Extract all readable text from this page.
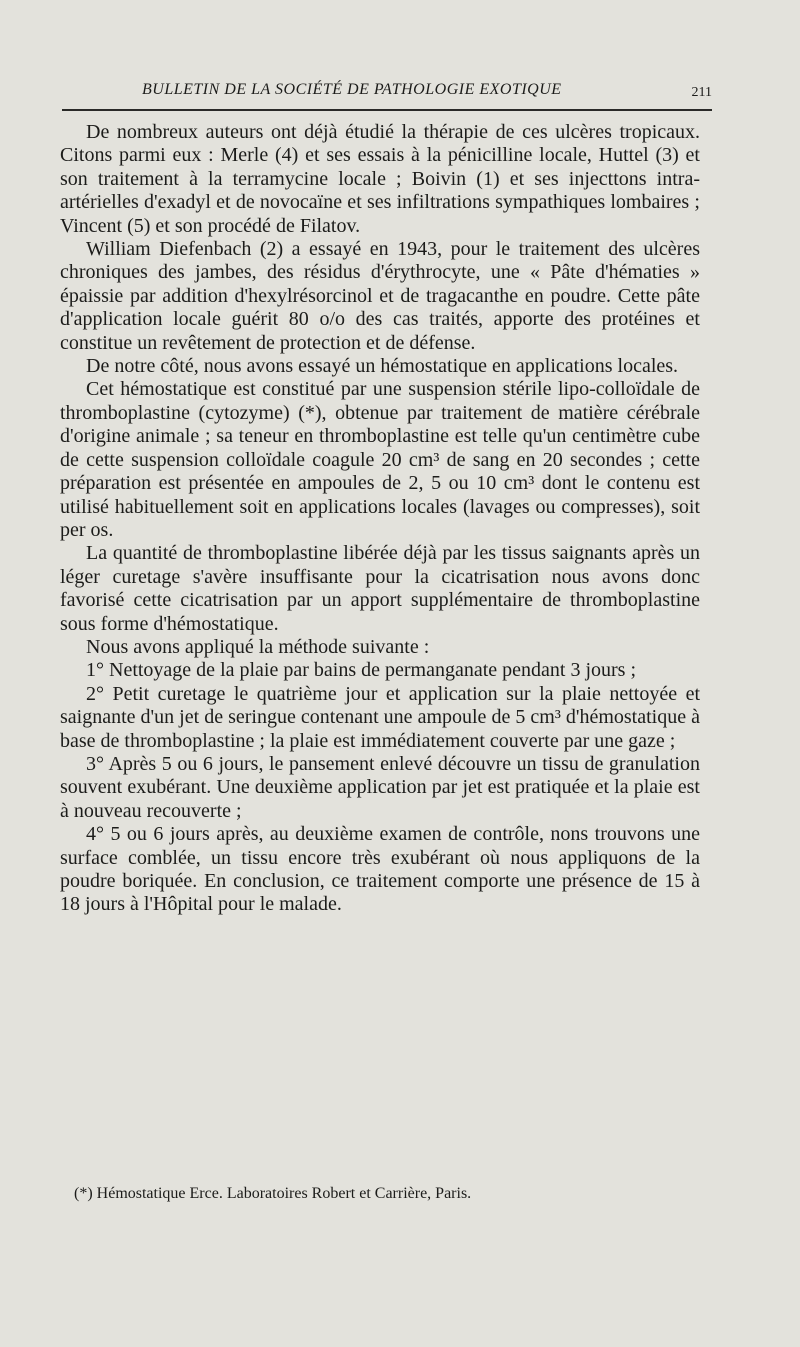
BULLETIN DE LA SOCIÉTÉ DE PATHOLOGIE EXOTIQUE	211

De nombreux auteurs ont déjà étudié la thérapie de ces ulcères tropicaux. Citons parmi eux : Merle (4) et ses essais à la pénicilline locale, Huttel (3) et son traitement à la terramycine locale ; Boivin (1) et ses injecttons intra-artérielles d'exadyl et de novocaïne et ses infiltrations sympathiques lombaires ; Vincent (5) et son procédé de Filatov.

William Diefenbach (2) a essayé en 1943, pour le traitement des ulcères chroniques des jambes, des résidus d'érythrocyte, une « Pâte d'hématies » épaissie par addition d'hexylrésorcinol et de tragacanthe en poudre. Cette pâte d'application locale guérit 80 o/o des cas traités, apporte des protéines et constitue un revêtement de protection et de défense.

De notre côté, nous avons essayé un hémostatique en applications locales.

Cet hémostatique est constitué par une suspension stérile lipo-colloïdale de thromboplastine (cytozyme) (*), obtenue par traitement de matière cérébrale d'origine animale ; sa teneur en thromboplastine est telle qu'un centimètre cube de cette suspension colloïdale coagule 20 cm³ de sang en 20 secondes ; cette préparation est présentée en ampoules de 2, 5 ou 10 cm³ dont le contenu est utilisé habituellement soit en applications locales (lavages ou compresses), soit per os.

La quantité de thromboplastine libérée déjà par les tissus saignants après un léger curetage s'avère insuffisante pour la cicatrisation nous avons donc favorisé cette cicatrisation par un apport supplémentaire de thromboplastine sous forme d'hémostatique.

Nous avons appliqué la méthode suivante :

1° Nettoyage de la plaie par bains de permanganate pendant 3 jours ;

2° Petit curetage le quatrième jour et application sur la plaie nettoyée et saignante d'un jet de seringue contenant une ampoule de 5 cm³ d'hémostatique à base de thromboplastine ; la plaie est immédiatement couverte par une gaze ;

3° Après 5 ou 6 jours, le pansement enlevé découvre un tissu de granulation souvent exubérant. Une deuxième application par jet est pratiquée et la plaie est à nouveau recouverte ;

4° 5 ou 6 jours après, au deuxième examen de contrôle, nons trouvons une surface comblée, un tissu encore très exubérant où nous appliquons de la poudre boriquée. En conclusion, ce traitement comporte une présence de 15 à 18 jours à l'Hôpital pour le malade.

(*) Hémostatique Erce. Laboratoires Robert et Carrière, Paris.
